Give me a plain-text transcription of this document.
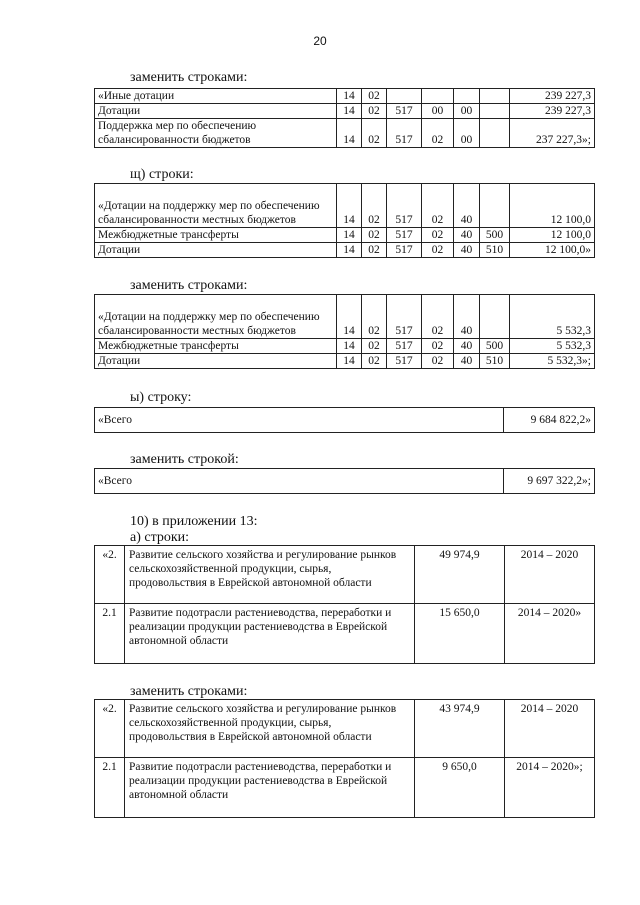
20
заменить строками:
«Иные дотации	14	02					239 227,3
Дотации	14	02	517	00	00		239 227,3
Поддержка мер по обеспечению сбалансированности бюджетов	14	02	517	02	00		237 227,3»;
щ) строки:
«Дотации на поддержку мер по обеспечению сбалансированности местных бюджетов	14	02	517	02	40		12 100,0
Межбюджетные трансферты	14	02	517	02	40	500	12 100,0
Дотации	14	02	517	02	40	510	12 100,0»
заменить строками:
«Дотации на поддержку мер по обеспечению сбалансированности местных бюджетов	14	02	517	02	40		5 532,3
Межбюджетные трансферты	14	02	517	02	40	500	5 532,3
Дотации	14	02	517	02	40	510	5 532,3»;
ы) строку:
«Всего	9 684 822,2»
заменить строкой:
«Всего	9 697 322,2»;
10) в приложении 13:
а) строки:
«2.	Развитие сельского хозяйства и регулирование рынков сельскохозяйственной продукции, сырья, продовольствия в Еврейской автономной области	49 974,9	2014 – 2020
2.1	Развитие подотрасли растениеводства, переработки и реализации продукции растениеводства в Еврейской автономной области	15 650,0	2014 – 2020»
заменить строками:
«2.	Развитие сельского хозяйства и регулирование рынков сельскохозяйственной продукции, сырья, продовольствия в Еврейской автономной области	43 974,9	2014 – 2020
2.1	Развитие подотрасли растениеводства, переработки и реализации продукции растениеводства в Еврейской автономной области	9 650,0	2014 – 2020»;
